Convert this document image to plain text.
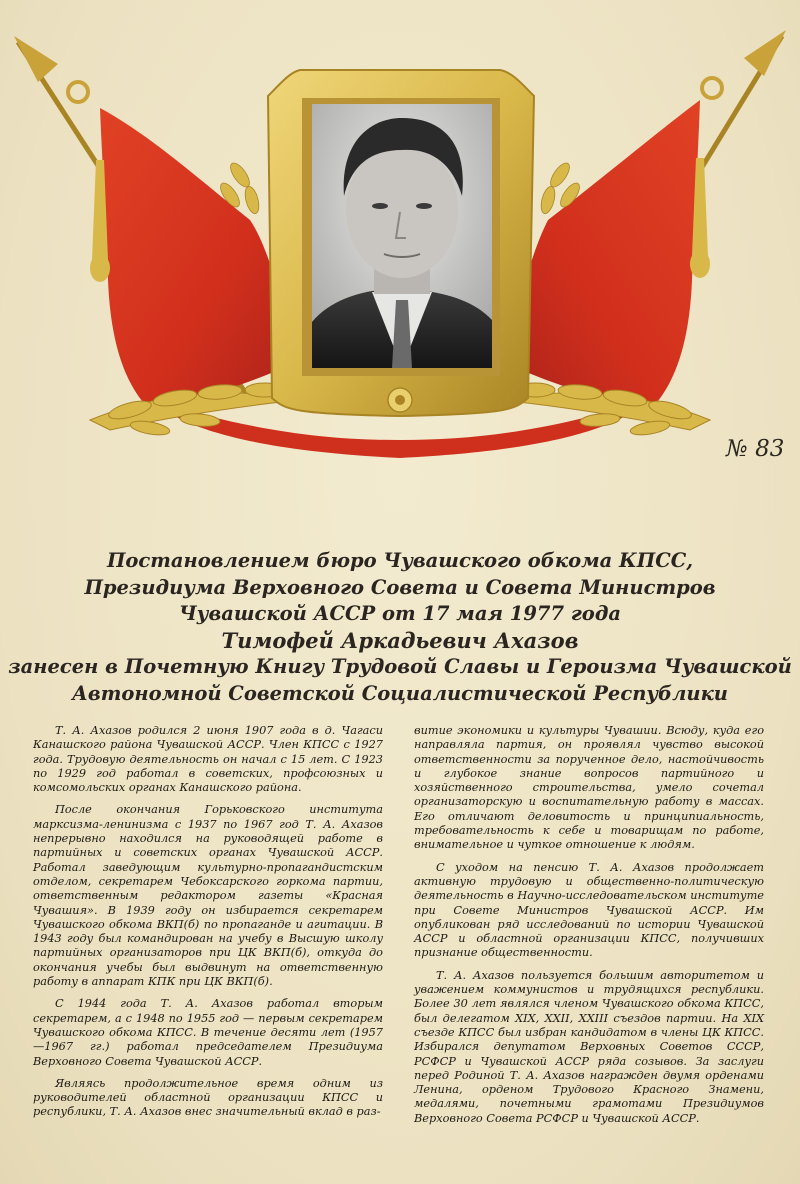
№ 83
Постановлением бюро Чувашского обкома КПСС,
Президиума Верховного Совета и Совета Министров
Чувашской АССР от 17 мая 1977 года
Тимофей Аркадьевич Ахазов
занесен в Почетную Книгу Трудовой Славы и Героизма Чувашской
Автономной Советской Социалистической Республики

Т. А. Ахазов родился 2 июня 1907 года в д. Чагаси Канашского района Чувашской АССР. Член КПСС с 1927 года. Трудовую деятельность он начал с 15 лет. С 1923 по 1929 год работал в советских, профсоюзных и комсомольских органах Канашского района.

После окончания Горьковского института марксизма-ленинизма с 1937 по 1967 год Т. А. Ахазов непрерывно находился на руководящей работе в партийных и советских органах Чувашской АССР. Работал заведующим культурно-пропагандистским отделом, секретарем Чебоксарского горкома партии, ответственным редактором газеты «Красная Чувашия». В 1939 году он избирается секретарем Чувашского обкома ВКП(б) по пропаганде и агитации. В 1943 году был командирован на учебу в Высшую школу партийных организаторов при ЦК ВКП(б), откуда до окончания учебы был выдвинут на ответственную работу в аппарат КПК при ЦК ВКП(б).

С 1944 года Т. А. Ахазов работал вторым секретарем, а с 1948 по 1955 год — первым секретарем Чувашского обкома КПСС. В течение десяти лет (1957—1967 гг.) работал председателем Президиума Верховного Совета Чувашской АССР.

Являясь продолжительное время одним из руководителей областной организации КПСС и республики, Т. А. Ахазов внес значительный вклад в раз-

витие экономики и культуры Чувашии. Всюду, куда его направляла партия, он проявлял чувство высокой ответственности за порученное дело, настойчивость и глубокое знание вопросов партийного и хозяйственного строительства, умело сочетал организаторскую и воспитательную работу в массах. Его отличают деловитость и принципиальность, требовательность к себе и товарищам по работе, внимательное и чуткое отношение к людям.

С уходом на пенсию Т. А. Ахазов продолжает активную трудовую и общественно-политическую деятельность в Научно-исследовательском институте при Совете Министров Чувашской АССР. Им опубликован ряд исследований по истории Чувашской АССР и областной организации КПСС, получивших признание общественности.

Т. А. Ахазов пользуется большим авторитетом и уважением коммунистов и трудящихся республики. Более 30 лет являлся членом Чувашского обкома КПСС, был делегатом XIX, XXII, XXIII съездов партии. На XIX съезде КПСС был избран кандидатом в члены ЦК КПСС. Избирался депутатом Верховных Советов СССР, РСФСР и Чувашской АССР ряда созывов. За заслуги перед Родиной Т. А. Ахазов награжден двумя орденами Ленина, орденом Трудового Красного Знамени, медалями, почетными грамотами Президиумов Верховного Совета РСФСР и Чувашской АССР.
